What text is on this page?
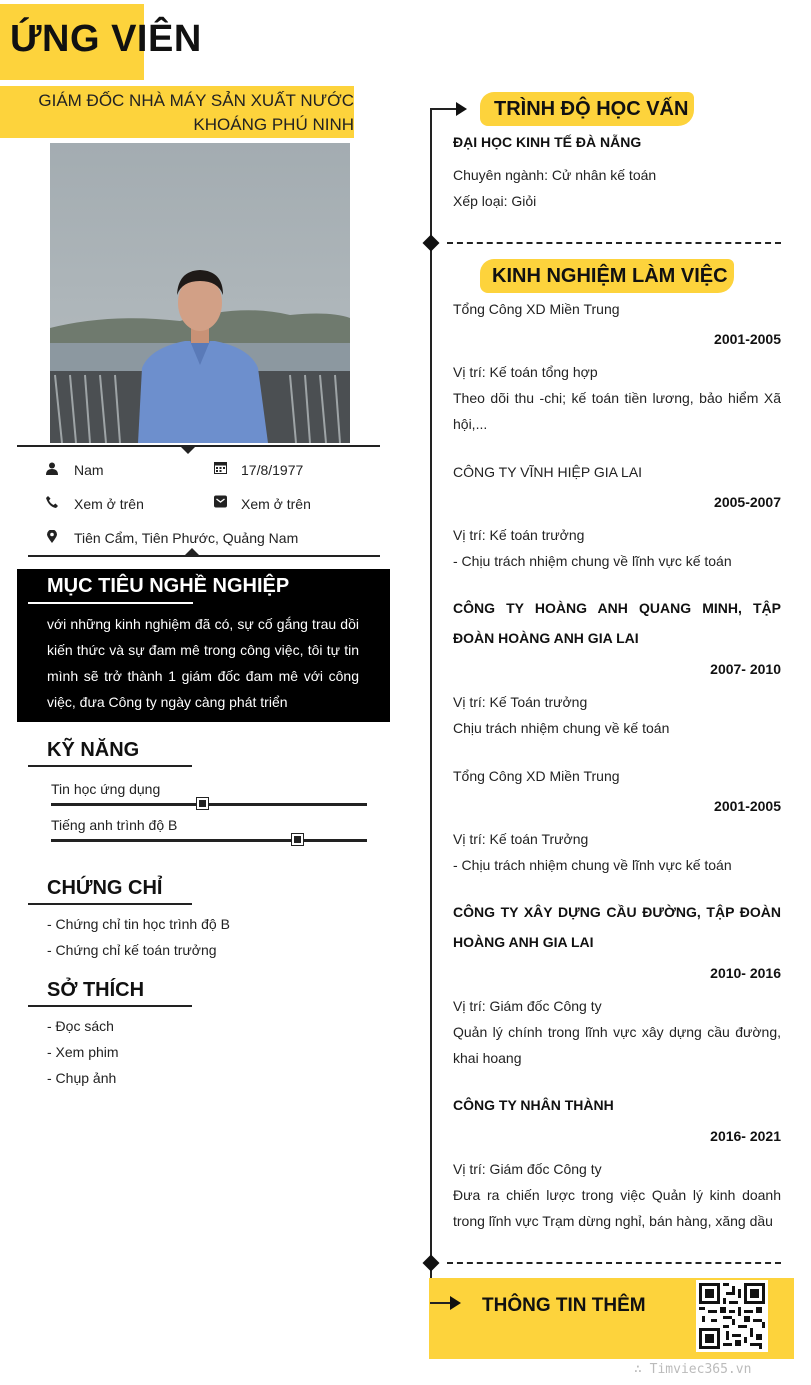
ỨNG VIÊN
GIÁM ĐỐC NHÀ MÁY SẢN XUẤT NƯỚC
KHOÁNG PHÚ NINH
Nam	17/8/1977
Xem ở trên	Xem ở trên
Tiên Cẩm, Tiên Phước, Quảng Nam
MỤC TIÊU NGHỀ NGHIỆP
với những kinh nghiệm đã có, sự cố gắng trau dồi kiến thức và sự đam mê trong công việc, tôi tự tin mình sẽ trở thành 1 giám đốc đam mê với công việc, đưa Công ty ngày càng phát triển
KỸ NĂNG
Tin học ứng dụng
Tiếng anh trình độ B
CHỨNG CHỈ
- Chứng chỉ tin học trình độ B
- Chứng chỉ kế toán trưởng
SỞ THÍCH
- Đọc sách
- Xem phim
- Chụp ảnh
TRÌNH ĐỘ HỌC VẤN
ĐẠI HỌC KINH TẾ ĐÀ NẴNG
Chuyên ngành: Cử nhân kế toán
Xếp loại: Giỏi
KINH NGHIỆM LÀM VIỆC
Tổng Công XD Miền Trung
2001-2005
Vị trí: Kế toán tổng hợp
Theo dõi thu -chi; kế toán tiền lương, bảo hiểm Xã hội,...
CÔNG TY VĨNH HIỆP GIA LAI
2005-2007
Vị trí: Kế toán trưởng
- Chịu trách nhiệm chung về lĩnh vực kế toán
CÔNG TY HOÀNG ANH QUANG MINH, TẬP ĐOÀN HOÀNG ANH GIA LAI
2007- 2010
Vị trí: Kế Toán trưởng
Chịu trách nhiệm chung về kế toán
Tổng Công XD Miền Trung
2001-2005
Vị trí: Kế toán Trưởng
- Chịu trách nhiệm chung về lĩnh vực kế toán
CÔNG TY XÂY DỰNG CẦU ĐƯỜNG, TẬP ĐOÀN HOÀNG ANH GIA LAI
2010- 2016
Vị trí: Giám đốc Công ty
Quản lý chính trong lĩnh vực xây dựng cầu đường, khai hoang
CÔNG TY NHÂN THÀNH
2016- 2021
Vị trí: Giám đốc Công ty
Đưa ra chiến lược trong việc Quản lý kinh doanh trong lĩnh vực Trạm dừng nghỉ, bán hàng, xăng dầu
THÔNG TIN THÊM
∴ Timviec365.vn
